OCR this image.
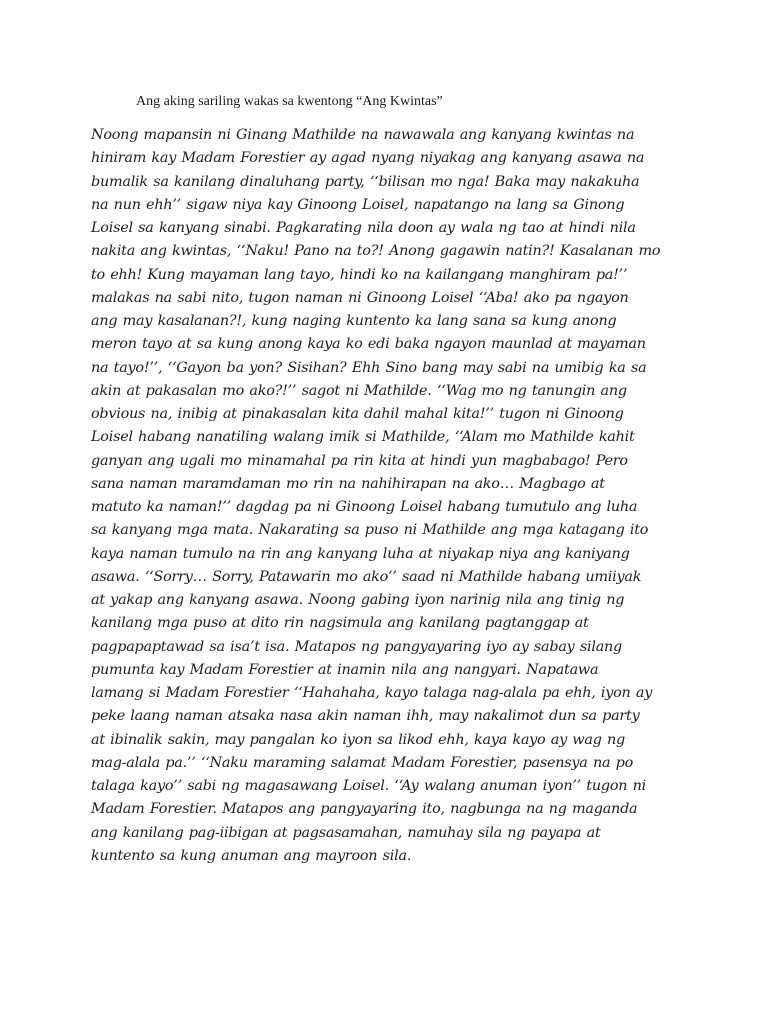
Ang aking sariling wakas sa kwentong “Ang Kwintas”
Noong mapansin ni Ginang Mathilde na nawawala ang kanyang kwintas na
hiniram kay Madam Forestier ay agad nyang niyakag ang kanyang asawa na
bumalik sa kanilang dinaluhang party, ‘‘bilisan mo nga! Baka may nakakuha
na nun ehh’’ sigaw niya kay Ginoong Loisel, napatango na lang sa Ginong
Loisel sa kanyang sinabi. Pagkarating nila doon ay wala ng tao at hindi nila
nakita ang kwintas, ‘‘Naku! Pano na to?! Anong gagawin natin?! Kasalanan mo
to ehh! Kung mayaman lang tayo, hindi ko na kailangang manghiram pa!’’
malakas na sabi nito, tugon naman ni Ginoong Loisel ‘‘Aba! ako pa ngayon
ang may kasalanan?!, kung naging kuntento ka lang sana sa kung anong
meron tayo at sa kung anong kaya ko edi baka ngayon maunlad at mayaman
na tayo!’’, ‘‘Gayon ba yon? Sisihan? Ehh Sino bang may sabi na umibig ka sa
akin at pakasalan mo ako?!’’ sagot ni Mathilde. ‘‘Wag mo ng tanungin ang
obvious na, inibig at pinakasalan kita dahil mahal kita!’’ tugon ni Ginoong
Loisel habang nanatiling walang imik si Mathilde, ‘‘Alam mo Mathilde kahit
ganyan ang ugali mo minamahal pa rin kita at hindi yun magbabago! Pero
sana naman maramdaman mo rin na nahihirapan na ako… Magbago at
matuto ka naman!’’ dagdag pa ni Ginoong Loisel habang tumutulo ang luha
sa kanyang mga mata. Nakarating sa puso ni Mathilde ang mga katagang ito
kaya naman tumulo na rin ang kanyang luha at niyakap niya ang kaniyang
asawa. ‘‘Sorry… Sorry, Patawarin mo ako’’ saad ni Mathilde habang umiiyak
at yakap ang kanyang asawa. Noong gabing iyon narinig nila ang tinig ng
kanilang mga puso at dito rin nagsimula ang kanilang pagtanggap at
pagpapaptawad sa isa’t isa. Matapos ng pangyayaring iyo ay sabay silang
pumunta kay Madam Forestier at inamin nila ang nangyari. Napatawa
lamang si Madam Forestier ‘‘Hahahaha, kayo talaga nag-alala pa ehh, iyon ay
peke laang naman atsaka nasa akin naman ihh, may nakalimot dun sa party
at ibinalik sakin, may pangalan ko iyon sa likod ehh, kaya kayo ay wag ng
mag-alala pa.’’ ‘‘Naku maraming salamat Madam Forestier, pasensya na po
talaga kayo’’ sabi ng magasawang Loisel. ‘‘Ay walang anuman iyon’’ tugon ni
Madam Forestier. Matapos ang pangyayaring ito, nagbunga na ng maganda
ang kanilang pag-iibigan at pagsasamahan, namuhay sila ng payapa at
kuntento sa kung anuman ang mayroon sila.
